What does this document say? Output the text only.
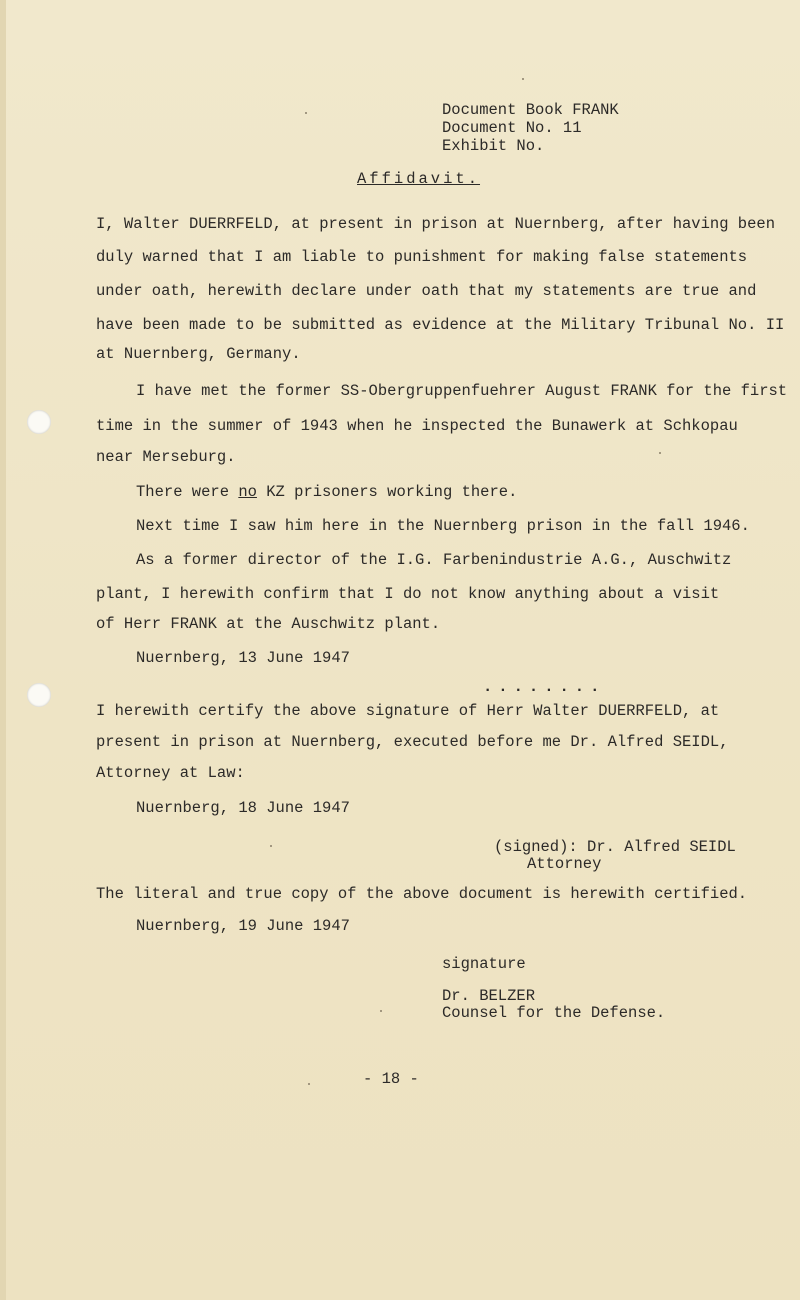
Document Book FRANK
Document No. 11
Exhibit No.
Affidavit.
I, Walter DUERRFELD, at present in prison at Nuernberg, after having been
duly warned that I am liable to punishment for making false statements
under oath, herewith declare under oath that my statements are true and
have been made to be submitted as evidence at the Military Tribunal No. II
at Nuernberg, Germany.
I have met the former SS-Obergruppenfuehrer August FRANK for the first
time in the summer of 1943 when he inspected the Bunawerk at Schkopau
near Merseburg.
There were no KZ prisoners working there.
Next time I saw him here in the Nuernberg prison in the fall 1946.
As a former director of the I.G. Farbenindustrie A.G., Auschwitz
plant, I herewith confirm that I do not know anything about a visit
of Herr FRANK at the Auschwitz plant.
Nuernberg, 13 June 1947
........
I herewith certify the above signature of Herr Walter DUERRFELD, at
present in prison at Nuernberg, executed before me Dr. Alfred SEIDL,
Attorney at Law:
Nuernberg, 18 June 1947
(signed): Dr. Alfred SEIDL
Attorney
The literal and true copy of the above document is herewith certified.
Nuernberg, 19 June 1947
signature
Dr. BELZER
Counsel for the Defense.
- 18 -
